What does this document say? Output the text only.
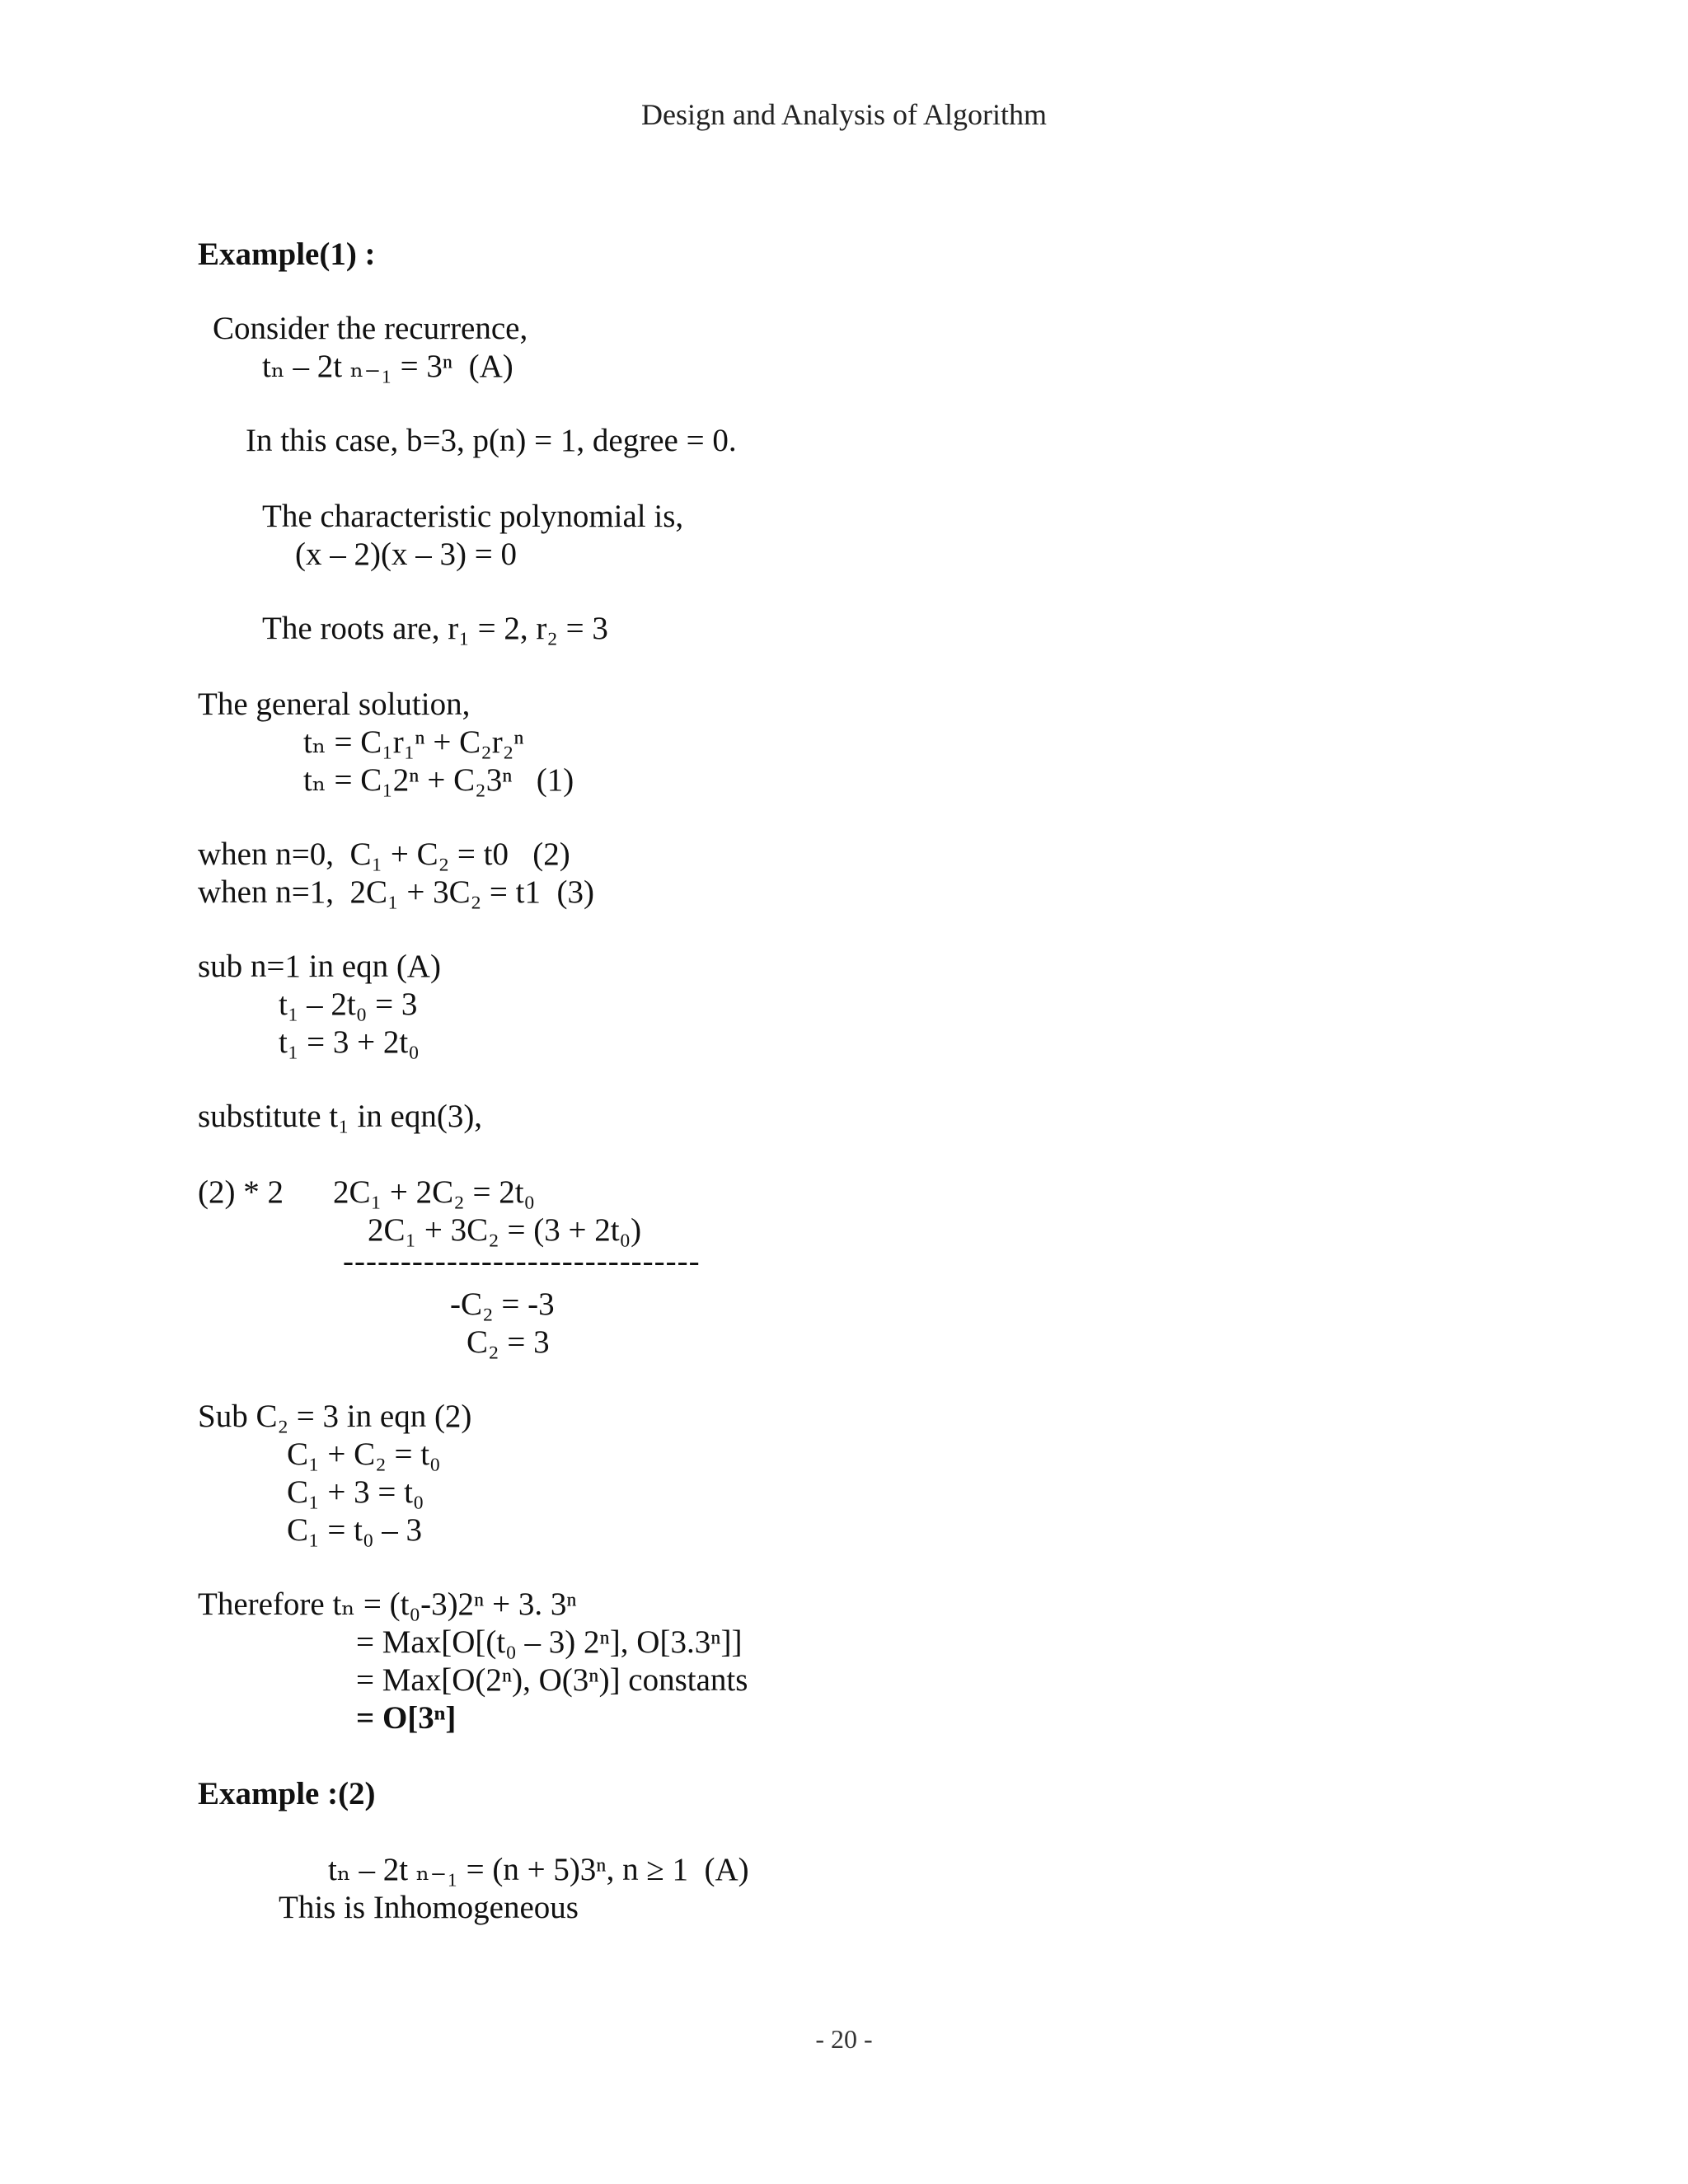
Design and Analysis of Algorithm
Example(1) :
Consider the recurrence,
tₙ – 2t ₙ₋₁ = 3ⁿ  (A)
In this case, b=3, p(n) = 1, degree = 0.
The characteristic polynomial is,
(x – 2)(x – 3) = 0
The roots are, r₁ = 2, r₂ = 3
The general solution,
tₙ = C₁r₁ⁿ + C₂r₂ⁿ
tₙ = C₁2ⁿ + C₂3ⁿ   (1)
when n=0,  C₁ + C₂ = t0   (2)
when n=1,  2C₁ + 3C₂ = t1  (3)
sub n=1 in eqn (A)
t₁ – 2t₀ = 3
t₁ = 3 + 2t₀
substitute t₁ in eqn(3),
(2) * 2 2C₁ + 2C₂ = 2t₀
2C₁ + 3C₂ = (3 + 2t₀)
-------------------------------
-C₂ = -3
C₂ = 3
Sub C₂ = 3 in eqn (2)
C₁ + C₂ = t₀
C₁ + 3 = t₀
C₁ = t₀ – 3
Therefore tₙ = (t₀-3)2ⁿ + 3. 3ⁿ
= Max[O[(t₀ – 3) 2ⁿ], O[3.3ⁿ]]
= Max[O(2ⁿ), O(3ⁿ)] constants
= O[3ⁿ]
Example :(2)
tₙ – 2t ₙ₋₁ = (n + 5)3ⁿ, n ≥ 1  (A)
This is Inhomogeneous
- 20 -
